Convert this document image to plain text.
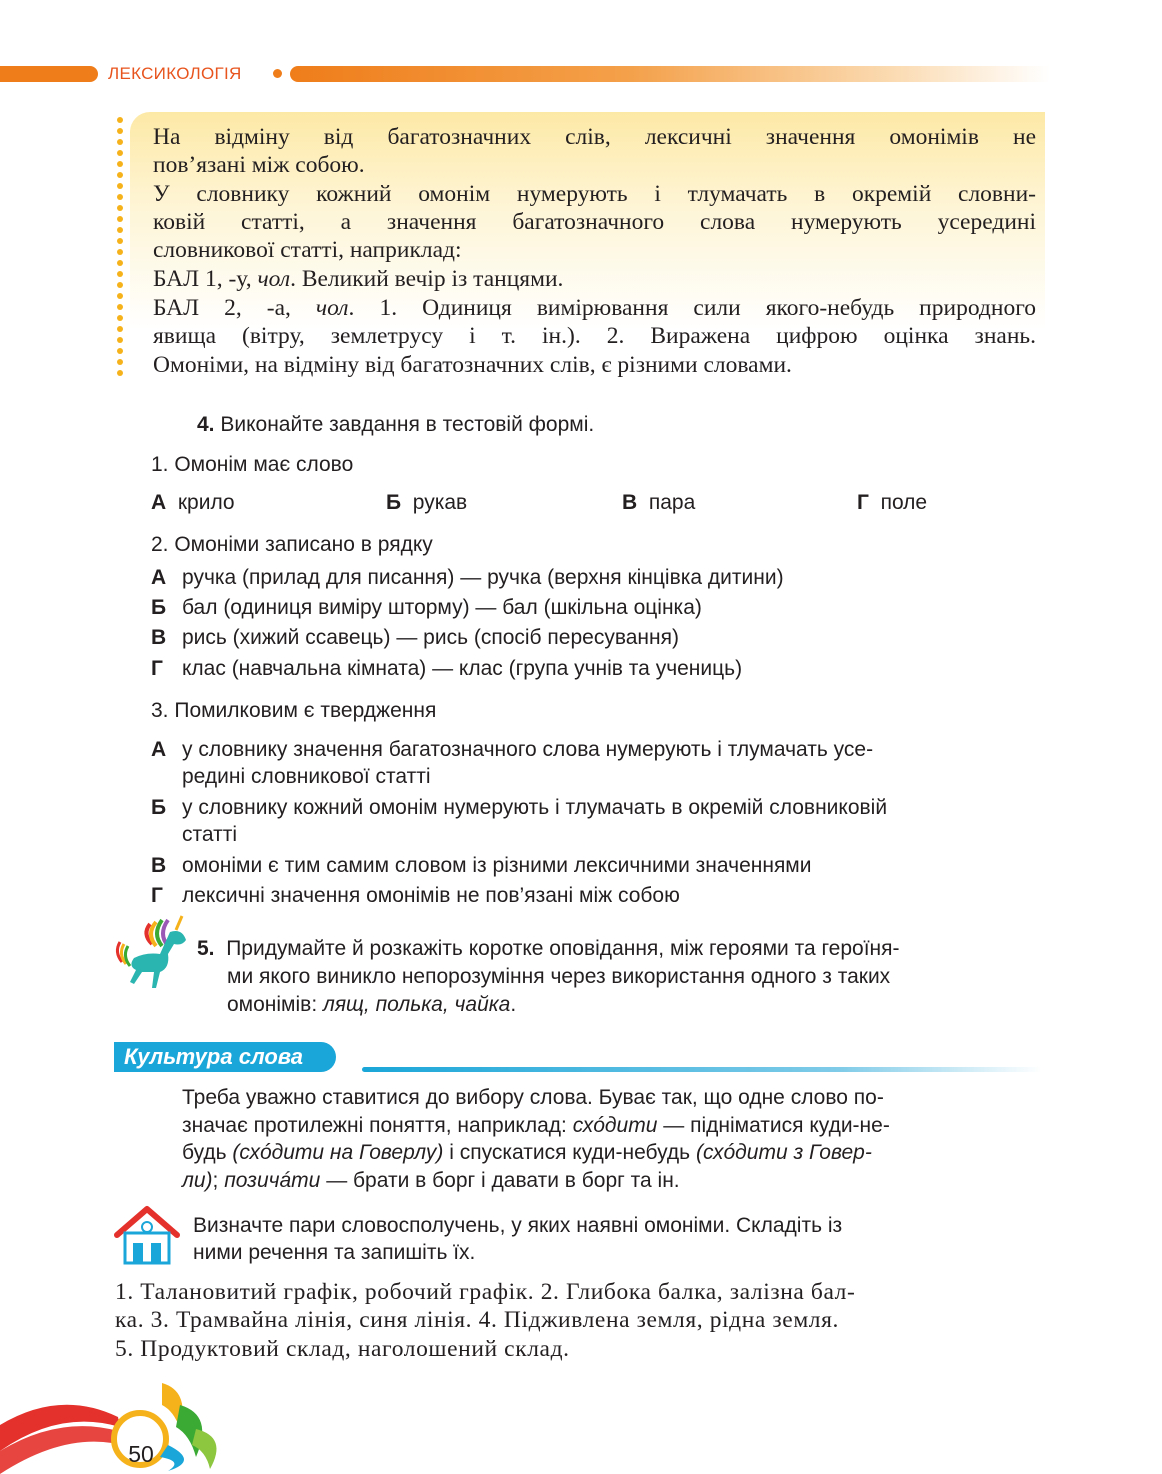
ЛЕКСИКОЛОГІЯ
На відміну від багатозначних слів, лексичні значення омонімів не
пов’язані між собою.
У словнику кожний омонім нумерують і тлумачать в окремій словни-
ковій статті, а значення багатозначного слова нумерують усередині
словникової статті, наприклад:
БАЛ 1, -у, чол. Великий вечір із танцями.
БАЛ 2, -а, чол. 1. Одиниця вимірювання сили якого-небудь природного
явища (вітру, землетрусу і т. ін.). 2. Виражена цифрою оцінка знань.
Омоніми, на відміну від багатозначних слів, є різними словами.
4. Виконайте завдання в тестовій формі.
1. Омонім має слово
А крило	Б рукав	В пара	Г поле
2. Омоніми записано в рядку
А ручка (прилад для писання) — ручка (верхня кінцівка дитини)
Б бал (одиниця виміру шторму) — бал (шкільна оцінка)
В рись (хижий ссавець) — рись (спосіб пересування)
Г клас (навчальна кімната) — клас (група учнів та учениць)
3. Помилковим є твердження
А у словнику значення багатозначного слова нумерують і тлумачать усе-
редині словникової статті
Б у словнику кожний омонім нумерують і тлумачать в окремій словниковій
статті
В омоніми є тим самим словом із різними лексичними значеннями
Г лексичні значення омонімів не пов’язані між собою
5. Придумайте й розкажіть коротке оповідання, між героями та героїня-
ми якого виникло непорозуміння через використання одного з таких
омонімів: лящ, полька, чайка.
Культура слова
Треба уважно ставитися до вибору слова. Буває так, що одне слово по-
значає протилежні поняття, наприклад: схóдити — підніматися куди-не-
будь (схóдити на Говерлу) і спускатися куди-небудь (схóдити з Говер-
ли); позичáти — брати в борг і давати в борг та ін.
Визначте пари словосполучень, у яких наявні омоніми. Складіть із
ними речення та запишіть їх.
1. Талановитий графік, робочий графік. 2. Глибока балка, залізна бал-
ка. 3. Трамвайна лінія, синя лінія. 4. Підживлена земля, рідна земля.
5. Продуктовий склад, наголошений склад.
50
